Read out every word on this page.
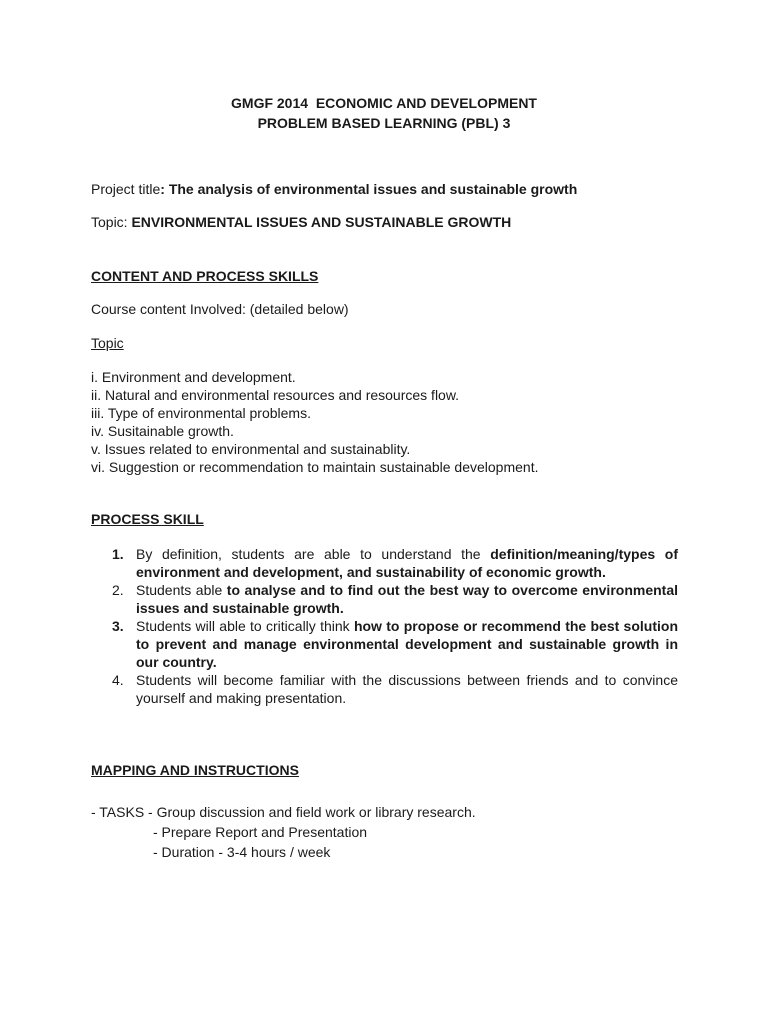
GMGF 2014  ECONOMIC AND DEVELOPMENT
PROBLEM BASED LEARNING (PBL) 3
Project title: The analysis of environmental issues and sustainable growth
Topic: ENVIRONMENTAL ISSUES AND SUSTAINABLE GROWTH
CONTENT AND PROCESS SKILLS
Course content Involved: (detailed below)
Topic
i. Environment and development.
ii. Natural and environmental resources and resources flow.
iii. Type of environmental problems.
iv. Susitainable growth.
v. Issues related to environmental and sustainablity.
vi. Suggestion or recommendation to maintain sustainable development.
PROCESS SKILL
1. By definition, students are able to understand the definition/meaning/types of environment and development, and sustainability of economic growth.
2. Students able to analyse and to find out the best way to overcome environmental issues and sustainable growth.
3. Students will able to critically think how to propose or recommend the best solution to prevent and manage environmental development and sustainable growth in our country.
4. Students will become familiar with the discussions between friends and to convince yourself and making presentation.
MAPPING AND INSTRUCTIONS
- TASKS - Group discussion and field work or library research.
- Prepare Report and Presentation
- Duration - 3-4 hours / week
